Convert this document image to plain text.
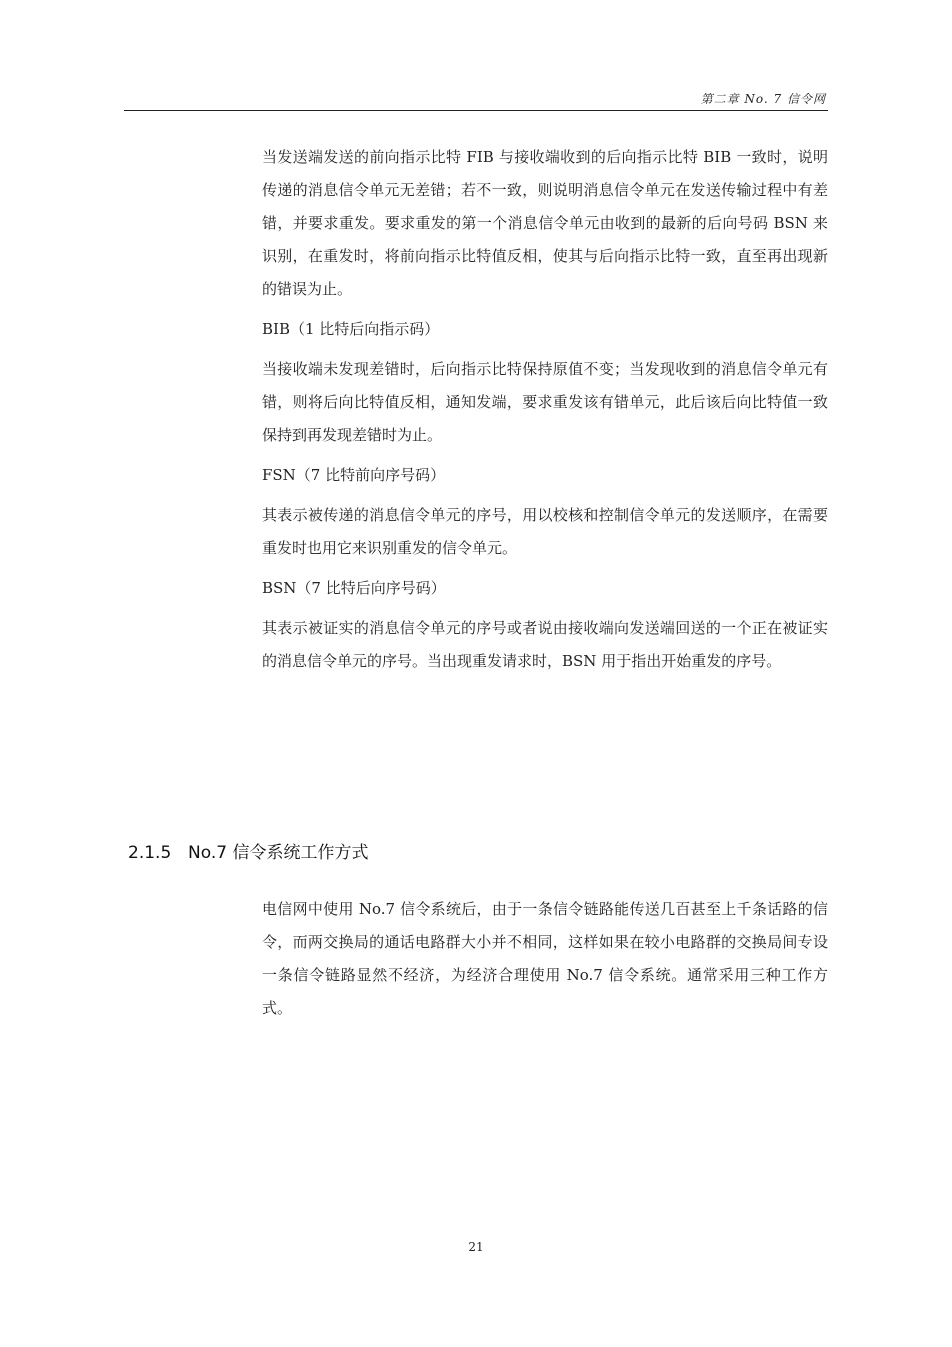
第二章 No. 7 信令网

当发送端发送的前向指示比特 FIB 与接收端收到的后向指示比特 BIB 一致时，说明传递的消息信令单元无差错；若不一致，则说明消息信令单元在发送传输过程中有差错，并要求重发。要求重发的第一个消息信令单元由收到的最新的后向号码 BSN 来识别，在重发时，将前向指示比特值反相，使其与后向指示比特一致，直至再出现新的错误为止。

BIB（1 比特后向指示码）

当接收端未发现差错时，后向指示比特保持原值不变；当发现收到的消息信令单元有错，则将后向比特值反相，通知发端，要求重发该有错单元，此后该后向比特值一致保持到再发现差错时为止。

FSN（7 比特前向序号码）

其表示被传递的消息信令单元的序号，用以校核和控制信令单元的发送顺序，在需要重发时也用它来识别重发的信令单元。

BSN（7 比特后向序号码）

其表示被证实的消息信令单元的序号或者说由接收端向发送端回送的一个正在被证实的消息信令单元的序号。当出现重发请求时，BSN 用于指出开始重发的序号。

2.1.5 No.7 信令系统工作方式

电信网中使用 No.7 信令系统后，由于一条信令链路能传送几百甚至上千条话路的信令，而两交换局的通话电路群大小并不相同，这样如果在较小电路群的交换局间专设一条信令链路显然不经济，为经济合理使用 No.7 信令系统。通常采用三种工作方式。

21
